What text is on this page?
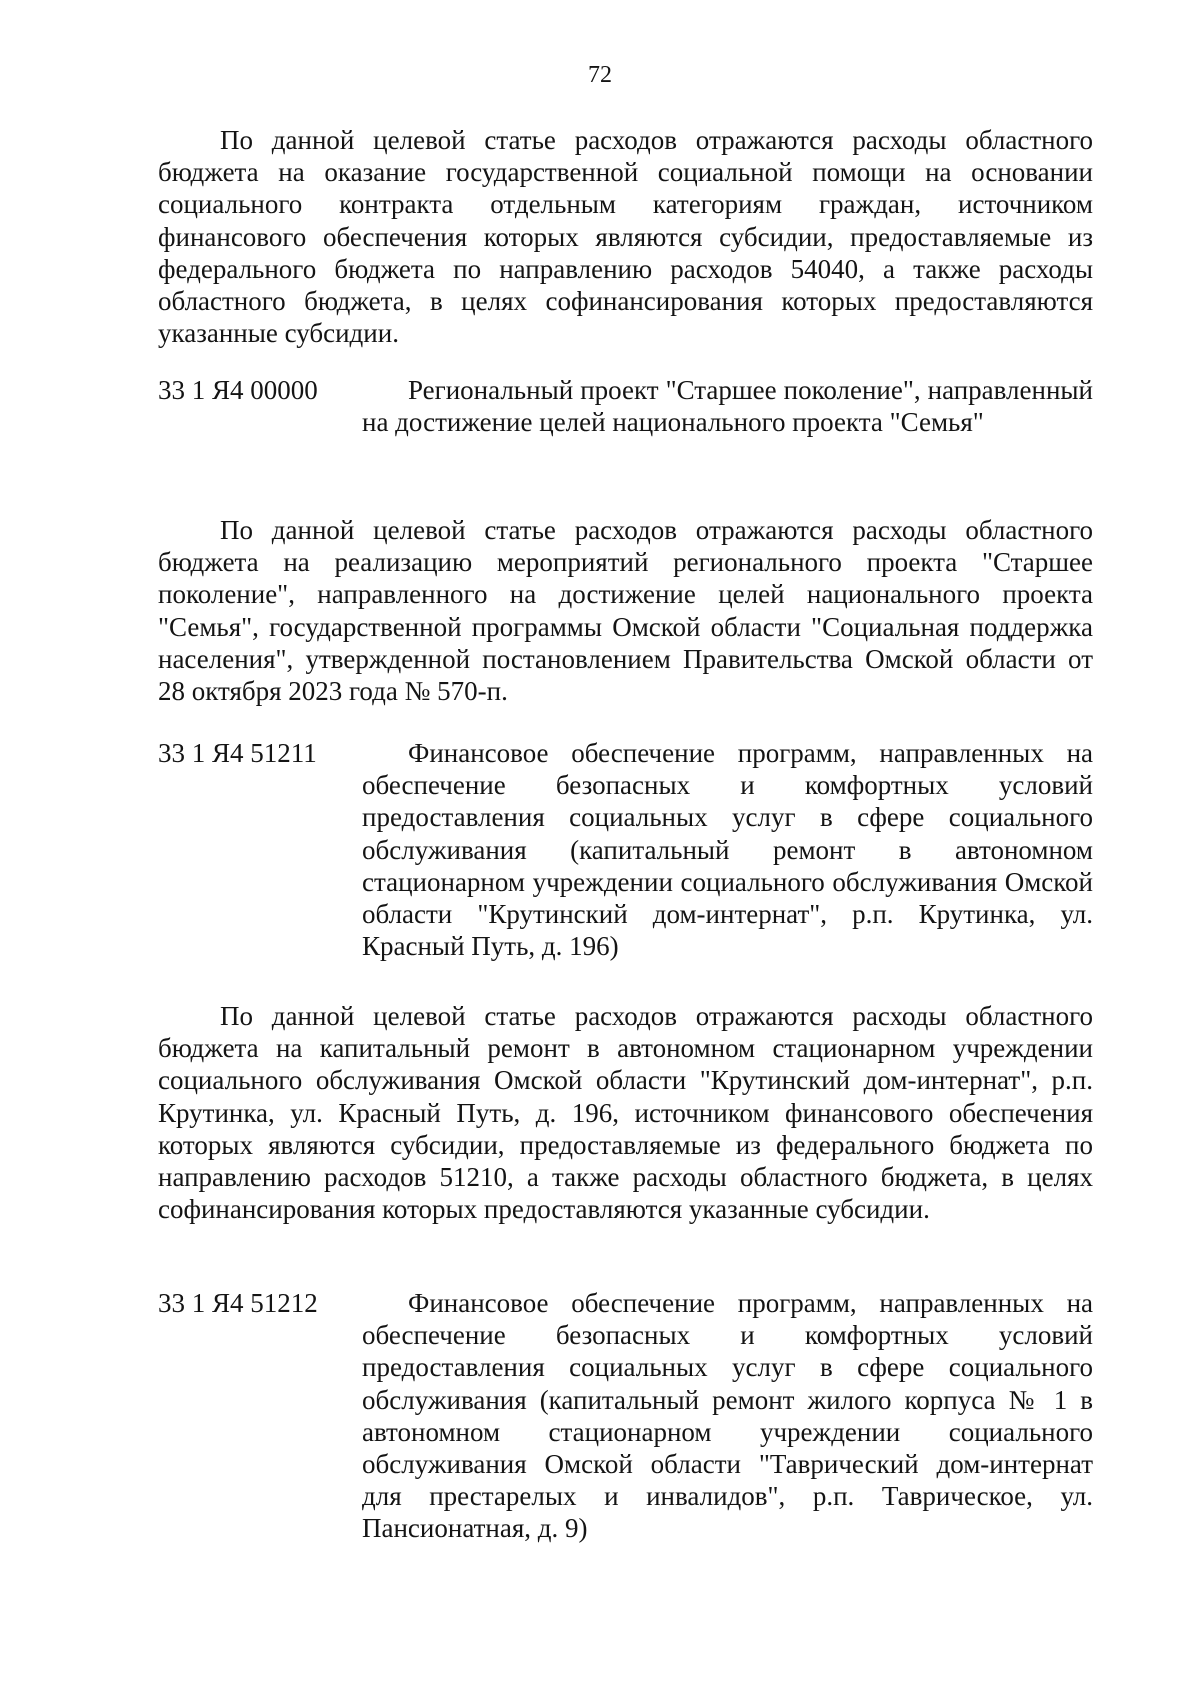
72

По данной целевой статье расходов отражаются расходы областного бюджета на оказание государственной социальной помощи на основании социального контракта отдельным категориям граждан, источником финансового обеспечения которых являются субсидии, предоставляемые из федерального бюджета по направлению расходов 54040, а также расходы областного бюджета, в целях софинансирования которых предоставляются указанные субсидии.

33 1 Я4 00000	Региональный проект "Старшее поколение", направленный на достижение целей национального проекта "Семья"

По данной целевой статье расходов отражаются расходы областного бюджета на реализацию мероприятий регионального проекта "Старшее поколение", направленного на достижение целей национального проекта "Семья", государственной программы Омской области "Социальная поддержка населения", утвержденной постановлением Правительства Омской области от 28 октября 2023 года № 570-п.

33 1 Я4 51211	Финансовое обеспечение программ, направленных на обеспечение безопасных и комфортных условий предоставления социальных услуг в сфере социального обслуживания (капитальный ремонт в автономном стационарном учреждении социального обслуживания Омской области "Крутинский дом-интернат", р.п. Крутинка, ул. Красный Путь, д. 196)

По данной целевой статье расходов отражаются расходы областного бюджета на капитальный ремонт в автономном стационарном учреждении социального обслуживания Омской области "Крутинский дом-интернат", р.п. Крутинка, ул. Красный Путь, д. 196, источником финансового обеспечения которых являются субсидии, предоставляемые из федерального бюджета по направлению расходов 51210, а также расходы областного бюджета, в целях софинансирования которых предоставляются указанные субсидии.

33 1 Я4 51212	Финансовое обеспечение программ, направленных на обеспечение безопасных и комфортных условий предоставления социальных услуг в сфере социального обслуживания (капитальный ремонт жилого корпуса № 1 в автономном стационарном учреждении социального обслуживания Омской области "Таврический дом-интернат для престарелых и инвалидов", р.п. Таврическое, ул. Пансионатная, д. 9)
